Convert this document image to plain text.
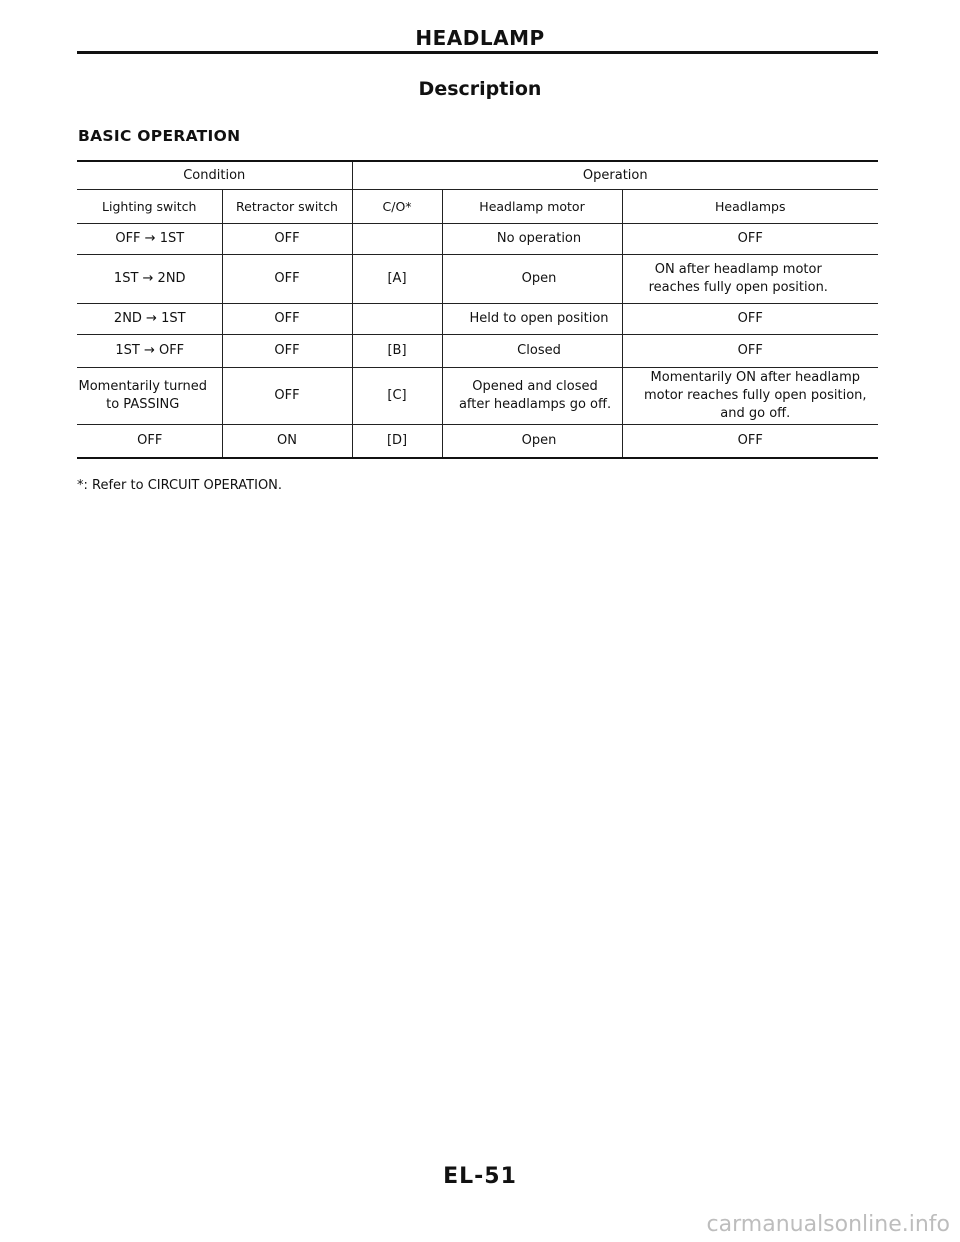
HEADLAMP
Description
BASIC OPERATION
Condition		Operation		
Lighting switch	Retractor switch	C/O*	Headlamp motor	Headlamps
OFF → 1ST	OFF		No operation	OFF
1ST → 2ND	OFF	[A]	Open	ON after headlamp motor reaches fully open position.
2ND → 1ST	OFF		Held to open position	OFF
1ST → OFF	OFF	[B]	Closed	OFF
Momentarily turned to PASSING	OFF	[C]	Opened and closed after headlamps go off.	Momentarily ON after headlamp motor reaches fully open position, and go off.
OFF	ON	[D]	Open	OFF

*: Refer to CIRCUIT OPERATION.

EL-51

carmanualsonline.info
